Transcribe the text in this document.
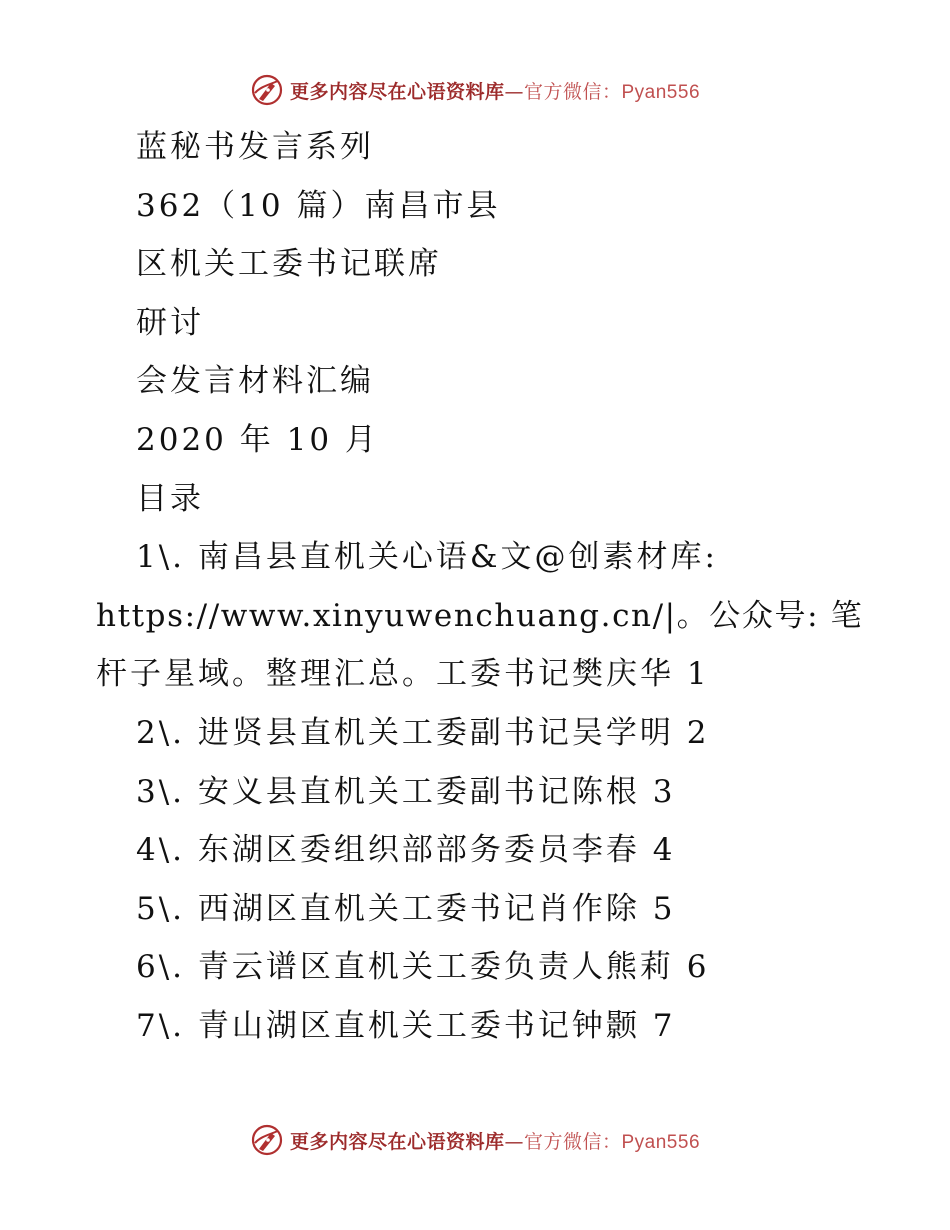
更多内容尽在心语资料库—官方微信：Pyan556
蓝秘书发言系列
362（10 篇）南昌市县
区机关工委书记联席
研讨
会发言材料汇编
2020 年 10 月
目录
1\. 南昌县直机关心语&文@创素材库:
https://www.xinyuwenchuang.cn/|。公众号: 笔
杆子星域。整理汇总。工委书记樊庆华 1
2\. 进贤县直机关工委副书记吴学明 2
3\. 安义县直机关工委副书记陈根 3
4\. 东湖区委组织部部务委员李春 4
5\. 西湖区直机关工委书记肖作除 5
6\. 青云谱区直机关工委负责人熊莉 6
7\. 青山湖区直机关工委书记钟颢 7
更多内容尽在心语资料库—官方微信：Pyan556
